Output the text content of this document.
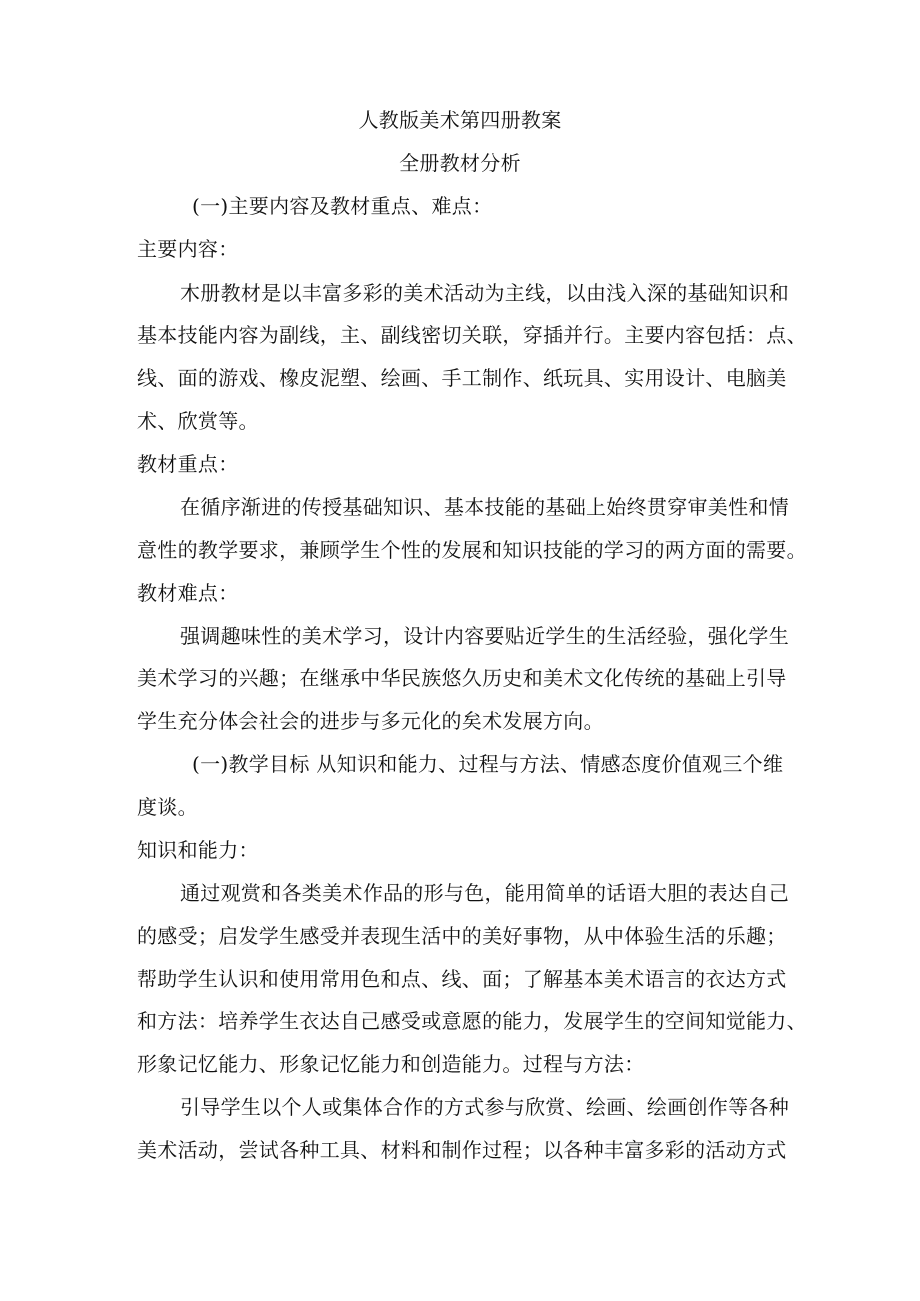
人教版美术第四册教案
全册教材分析
(一)主要内容及教材重点、难点：
主要内容：
木册教材是以丰富多彩的美术活动为主线，以由浅入深的基础知识和
基本技能内容为副线，主、副线密切关联，穿插并行。主要内容包括：点、
线、面的游戏、橡皮泥塑、绘画、手工制作、纸玩具、实用设计、电脑美
术、欣赏等。
教材重点：
在循序渐进的传授基础知识、基本技能的基础上始终贯穿审美性和情
意性的教学要求，兼顾学生个性的发展和知识技能的学习的两方面的需要。
教材难点：
强调趣味性的美术学习，设计内容要贴近学生的生活经验，强化学生
美术学习的兴趣；在继承中华民族悠久历史和美术文化传统的基础上引导
学生充分体会社会的进步与多元化的矣术发展方向。
(一)教学目标 从知识和能力、过程与方法、情感态度价值观三个维
度谈。
知识和能力：
通过观赏和各类美术作品的形与色，能用简单的话语大胆的表达自己
的感受；启发学生感受并表现生活中的美好事物，从中体验生活的乐趣；
帮助学生认识和使用常用色和点、线、面；了解基本美术语言的衣达方式
和方法：培养学生衣达自己感受或意愿的能力，发展学生的空间知觉能力、
形象记忆能力、形象记忆能力和创造能力。过程与方法：
引导学生以个人或集体合作的方式参与欣赏、绘画、绘画创作等各种
美术活动，尝试各种工具、材料和制作过程；以各种丰富多彩的活动方式
